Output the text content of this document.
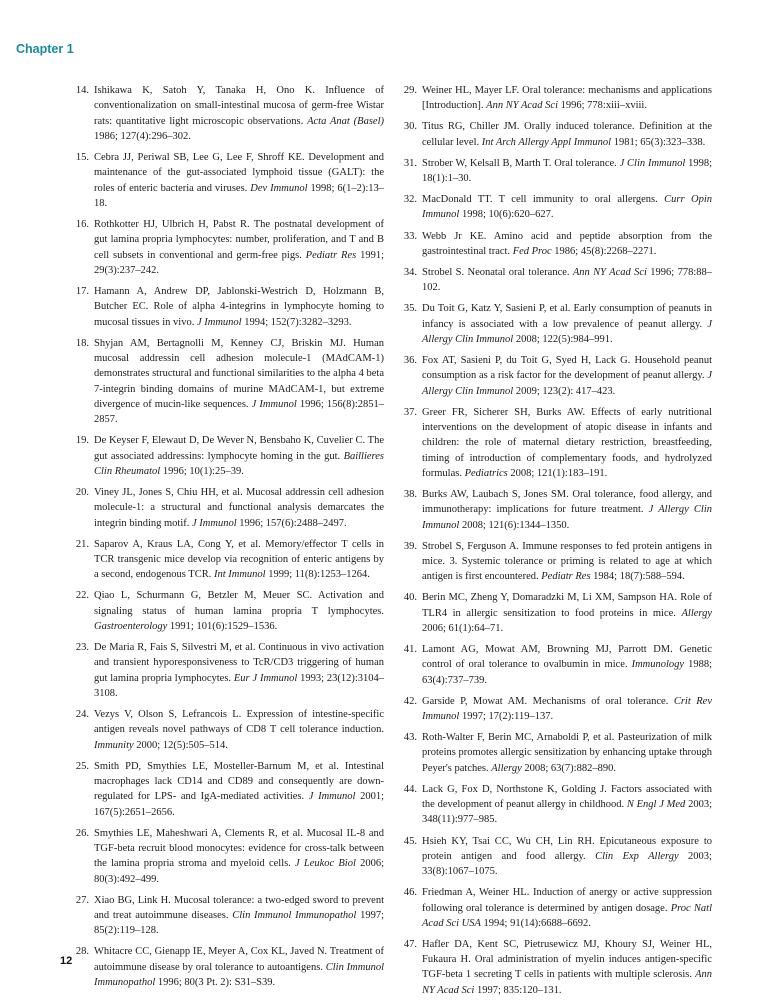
Chapter 1
14. Ishikawa K, Satoh Y, Tanaka H, Ono K. Influence of conventionalization on small-intestinal mucosa of germ-free Wistar rats: quantitative light microscopic observations. Acta Anat (Basel) 1986; 127(4):296–302.
15. Cebra JJ, Periwal SB, Lee G, Lee F, Shroff KE. Development and maintenance of the gut-associated lymphoid tissue (GALT): the roles of enteric bacteria and viruses. Dev Immunol 1998; 6(1–2):13–18.
16. Rothkotter HJ, Ulbrich H, Pabst R. The postnatal development of gut lamina propria lymphocytes: number, proliferation, and T and B cell subsets in conventional and germ-free pigs. Pediatr Res 1991; 29(3):237–242.
17. Hamann A, Andrew DP, Jablonski-Westrich D, Holzmann B, Butcher EC. Role of alpha 4-integrins in lymphocyte homing to mucosal tissues in vivo. J Immunol 1994; 152(7):3282–3293.
18. Shyjan AM, Bertagnolli M, Kenney CJ, Briskin MJ. Human mucosal addressin cell adhesion molecule-1 (MAdCAM-1) demonstrates structural and functional similarities to the alpha 4 beta 7-integrin binding domains of murine MAdCAM-1, but extreme divergence of mucin-like sequences. J Immunol 1996; 156(8):2851–2857.
19. De Keyser F, Elewaut D, De Wever N, Bensbaho K, Cuvelier C. The gut associated addressins: lymphocyte homing in the gut. Baillieres Clin Rheumatol 1996; 10(1):25–39.
20. Viney JL, Jones S, Chiu HH, et al. Mucosal addressin cell adhesion molecule-1: a structural and functional analysis demarcates the integrin binding motif. J Immunol 1996; 157(6):2488–2497.
21. Saparov A, Kraus LA, Cong Y, et al. Memory/effector T cells in TCR transgenic mice develop via recognition of enteric antigens by a second, endogenous TCR. Int Immunol 1999; 11(8):1253–1264.
22. Qiao L, Schurmann G, Betzler M, Meuer SC. Activation and signaling status of human lamina propria T lymphocytes. Gastroenterology 1991; 101(6):1529–1536.
23. De Maria R, Fais S, Silvestri M, et al. Continuous in vivo activation and transient hyporesponsiveness to TcR/CD3 triggering of human gut lamina propria lymphocytes. Eur J Immunol 1993; 23(12):3104–3108.
24. Vezys V, Olson S, Lefrancois L. Expression of intestine-specific antigen reveals novel pathways of CD8 T cell tolerance induction. Immunity 2000; 12(5):505–514.
25. Smith PD, Smythies LE, Mosteller-Barnum M, et al. Intestinal macrophages lack CD14 and CD89 and consequently are down-regulated for LPS- and IgA-mediated activities. J Immunol 2001; 167(5):2651–2656.
26. Smythies LE, Maheshwari A, Clements R, et al. Mucosal IL-8 and TGF-beta recruit blood monocytes: evidence for cross-talk between the lamina propria stroma and myeloid cells. J Leukoc Biol 2006; 80(3):492–499.
27. Xiao BG, Link H. Mucosal tolerance: a two-edged sword to prevent and treat autoimmune diseases. Clin Immunol Immunopathol 1997; 85(2):119–128.
28. Whitacre CC, Gienapp IE, Meyer A, Cox KL, Javed N. Treatment of autoimmune disease by oral tolerance to autoantigens. Clin Immunol Immunopathol 1996; 80(3 Pt. 2): S31–S39.
29. Weiner HL, Mayer LF. Oral tolerance: mechanisms and applications [Introduction]. Ann NY Acad Sci 1996; 778:xiii–xviii.
30. Titus RG, Chiller JM. Orally induced tolerance. Definition at the cellular level. Int Arch Allergy Appl Immunol 1981; 65(3):323–338.
31. Strober W, Kelsall B, Marth T. Oral tolerance. J Clin Immunol 1998; 18(1):1–30.
32. MacDonald TT. T cell immunity to oral allergens. Curr Opin Immunol 1998; 10(6):620–627.
33. Webb Jr KE. Amino acid and peptide absorption from the gastrointestinal tract. Fed Proc 1986; 45(8):2268–2271.
34. Strobel S. Neonatal oral tolerance. Ann NY Acad Sci 1996; 778:88–102.
35. Du Toit G, Katz Y, Sasieni P, et al. Early consumption of peanuts in infancy is associated with a low prevalence of peanut allergy. J Allergy Clin Immunol 2008; 122(5):984–991.
36. Fox AT, Sasieni P, du Toit G, Syed H, Lack G. Household peanut consumption as a risk factor for the development of peanut allergy. J Allergy Clin Immunol 2009; 123(2): 417–423.
37. Greer FR, Sicherer SH, Burks AW. Effects of early nutritional interventions on the development of atopic disease in infants and children: the role of maternal dietary restriction, breastfeeding, timing of introduction of complementary foods, and hydrolyzed formulas. Pediatrics 2008; 121(1):183–191.
38. Burks AW, Laubach S, Jones SM. Oral tolerance, food allergy, and immunotherapy: implications for future treatment. J Allergy Clin Immunol 2008; 121(6):1344–1350.
39. Strobel S, Ferguson A. Immune responses to fed protein antigens in mice. 3. Systemic tolerance or priming is related to age at which antigen is first encountered. Pediatr Res 1984; 18(7):588–594.
40. Berin MC, Zheng Y, Domaradzki M, Li XM, Sampson HA. Role of TLR4 in allergic sensitization to food proteins in mice. Allergy 2006; 61(1):64–71.
41. Lamont AG, Mowat AM, Browning MJ, Parrott DM. Genetic control of oral tolerance to ovalbumin in mice. Immunology 1988; 63(4):737–739.
42. Garside P, Mowat AM. Mechanisms of oral tolerance. Crit Rev Immunol 1997; 17(2):119–137.
43. Roth-Walter F, Berin MC, Arnaboldi P, et al. Pasteurization of milk proteins promotes allergic sensitization by enhancing uptake through Peyer's patches. Allergy 2008; 63(7):882–890.
44. Lack G, Fox D, Northstone K, Golding J. Factors associated with the development of peanut allergy in childhood. N Engl J Med 2003; 348(11):977–985.
45. Hsieh KY, Tsai CC, Wu CH, Lin RH. Epicutaneous exposure to protein antigen and food allergy. Clin Exp Allergy 2003; 33(8):1067–1075.
46. Friedman A, Weiner HL. Induction of anergy or active suppression following oral tolerance is determined by antigen dosage. Proc Natl Acad Sci USA 1994; 91(14):6688–6692.
47. Hafler DA, Kent SC, Pietrusewicz MJ, Khoury SJ, Weiner HL, Fukaura H. Oral administration of myelin induces antigen-specific TGF-beta 1 secreting T cells in patients with multiple sclerosis. Ann NY Acad Sci 1997; 835:120–131.
12
